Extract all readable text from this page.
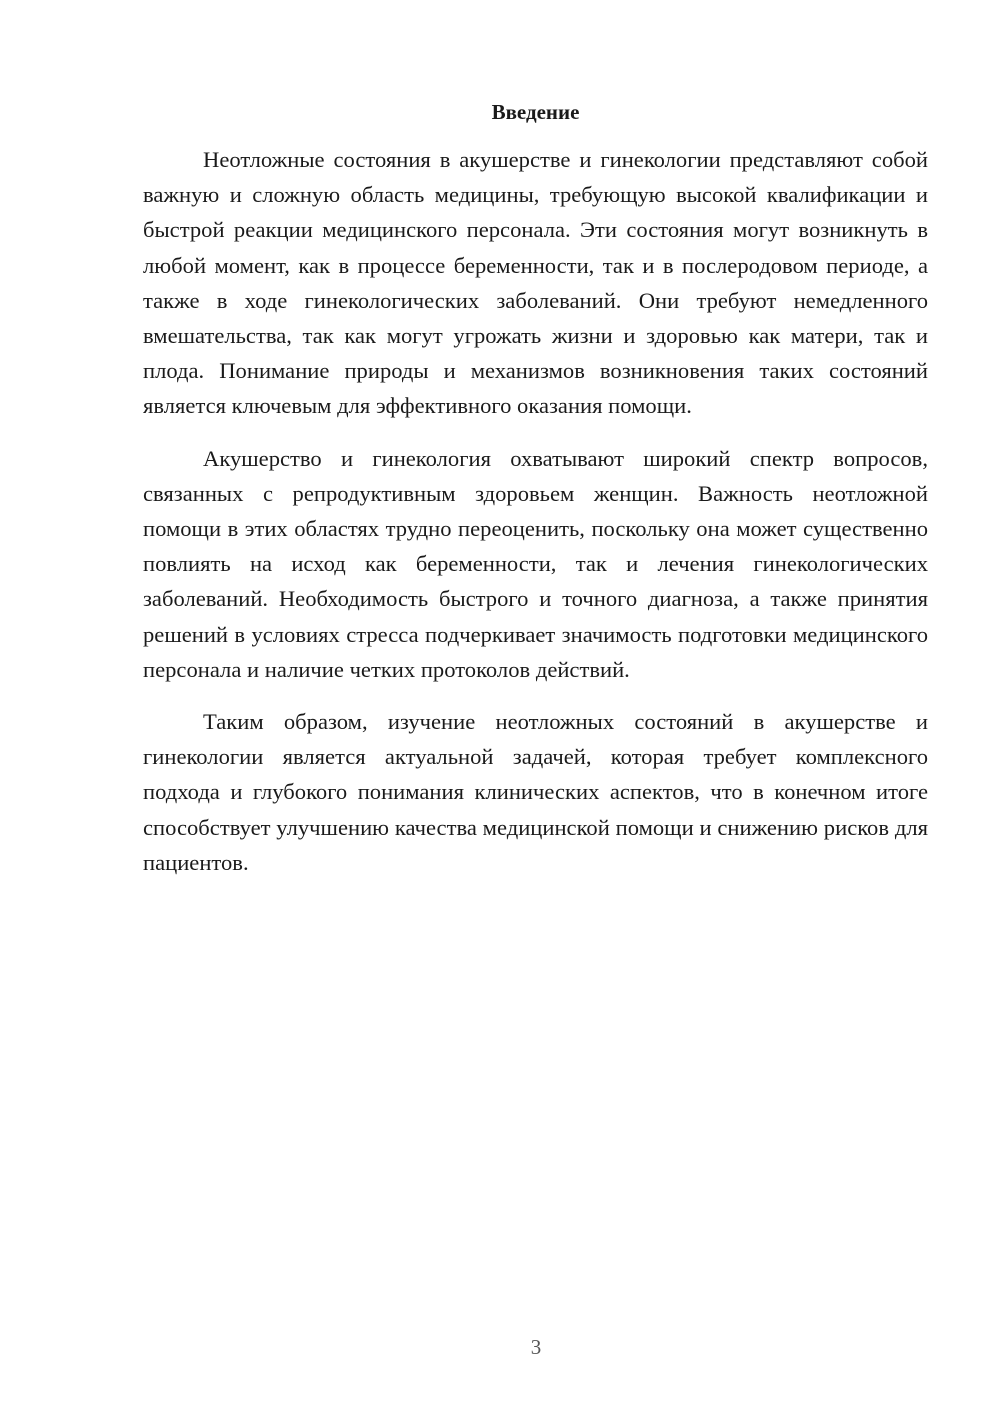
Введение

Неотложные состояния в акушерстве и гинекологии представляют собой важную и сложную область медицины, требующую высокой квалификации и быстрой реакции медицинского персонала. Эти состояния могут возникнуть в любой момент, как в процессе беременности, так и в послеродовом периоде, а также в ходе гинекологических заболеваний. Они требуют немедленного вмешательства, так как могут угрожать жизни и здоровью как матери, так и плода. Понимание природы и механизмов возникновения таких состояний является ключевым для эффективного оказания помощи.

Акушерство и гинекология охватывают широкий спектр вопросов, связанных с репродуктивным здоровьем женщин. Важность неотложной помощи в этих областях трудно переоценить, поскольку она может существенно повлиять на исход как беременности, так и лечения гинекологических заболеваний. Необходимость быстрого и точного диагноза, а также принятия решений в условиях стресса подчеркивает значимость подготовки медицинского персонала и наличие четких протоколов действий.

Таким образом, изучение неотложных состояний в акушерстве и гинекологии является актуальной задачей, которая требует комплексного подхода и глубокого понимания клинических аспектов, что в конечном итоге способствует улучшению качества медицинской помощи и снижению рисков для пациентов.

3
